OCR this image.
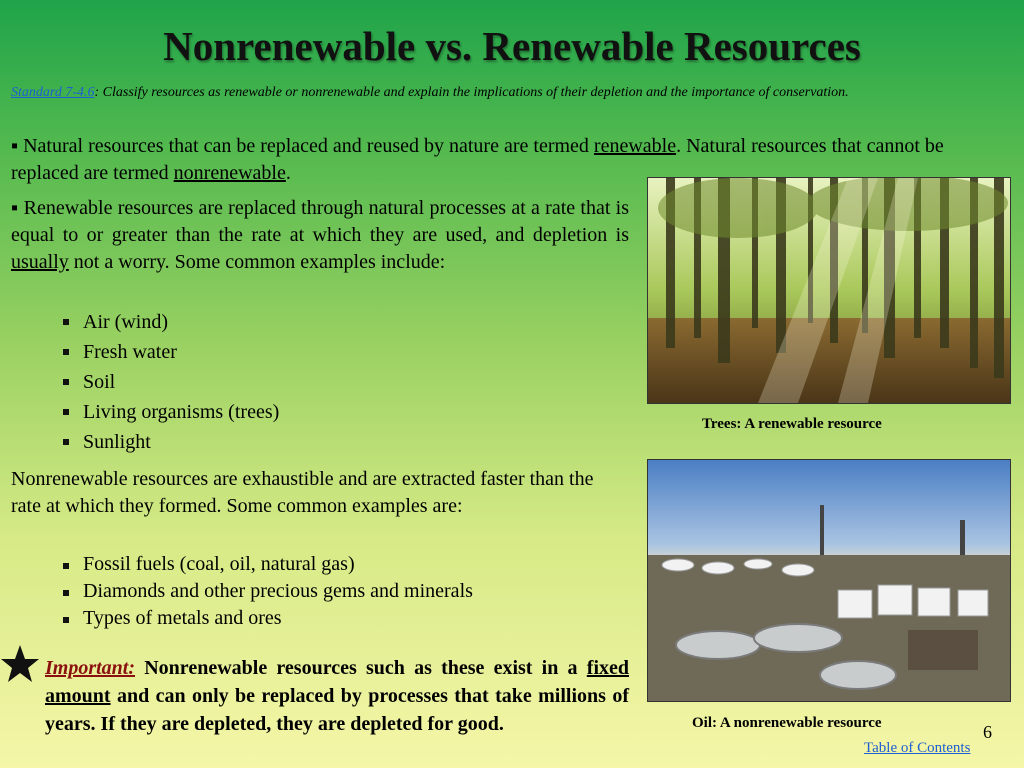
Nonrenewable vs. Renewable Resources
Standard 7-4.6: Classify resources as renewable or nonrenewable and explain the implications of their depletion and the importance of conservation.
▪ Natural resources that can be replaced and reused by nature are termed renewable. Natural resources that cannot be replaced are termed nonrenewable.
▪ Renewable resources are replaced through natural processes at a rate that is equal to or greater than the rate at which they are used, and depletion is usually not a worry. Some common examples include:
Air (wind)
Fresh water
Soil
Living organisms (trees)
Sunlight
Nonrenewable resources are exhaustible and are extracted faster than the rate at which they formed. Some common examples are:
Fossil fuels (coal, oil, natural gas)
Diamonds and other precious gems and minerals
Types of metals and ores
Important: Nonrenewable resources such as these exist in a fixed amount and can only be replaced by processes that take millions of years. If they are depleted, they are depleted for good.
Trees: A renewable resource
Oil: A nonrenewable resource	6
Table of Contents
